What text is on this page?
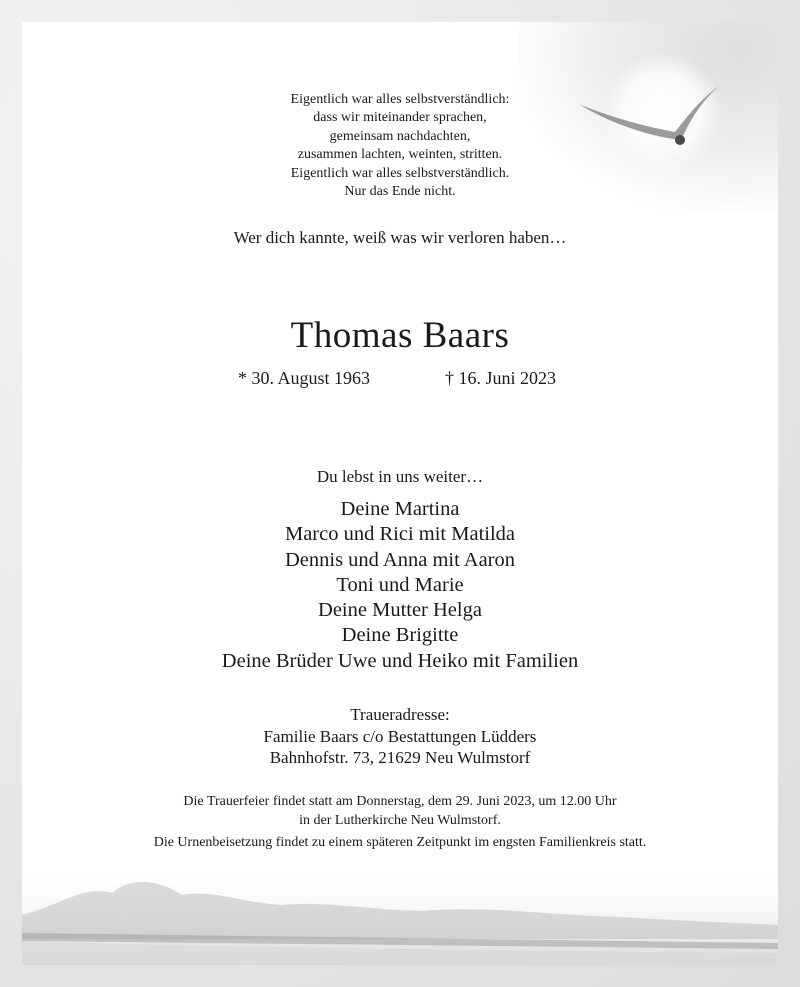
Eigentlich war alles selbstverständlich:
dass wir miteinander sprachen,
gemeinsam nachdachten,
zusammen lachten, weinten, stritten.
Eigentlich war alles selbstverständlich.
Nur das Ende nicht.
Wer dich kannte, weiß was wir verloren haben…
Thomas Baars
* 30. August 1963	† 16. Juni 2023
Du lebst in uns weiter…
Deine Martina
Marco und Rici mit Matilda
Dennis und Anna mit Aaron
Toni und Marie
Deine Mutter Helga
Deine Brigitte
Deine Brüder Uwe und Heiko mit Familien
Traueradresse:
Familie Baars c/o Bestattungen Lüdders
Bahnhofstr. 73, 21629 Neu Wulmstorf
Die Trauerfeier findet statt am Donnerstag, dem 29. Juni 2023, um 12.00 Uhr
in der Lutherkirche Neu Wulmstorf.
Die Urnenbeisetzung findet zu einem späteren Zeitpunkt im engsten Familienkreis statt.
